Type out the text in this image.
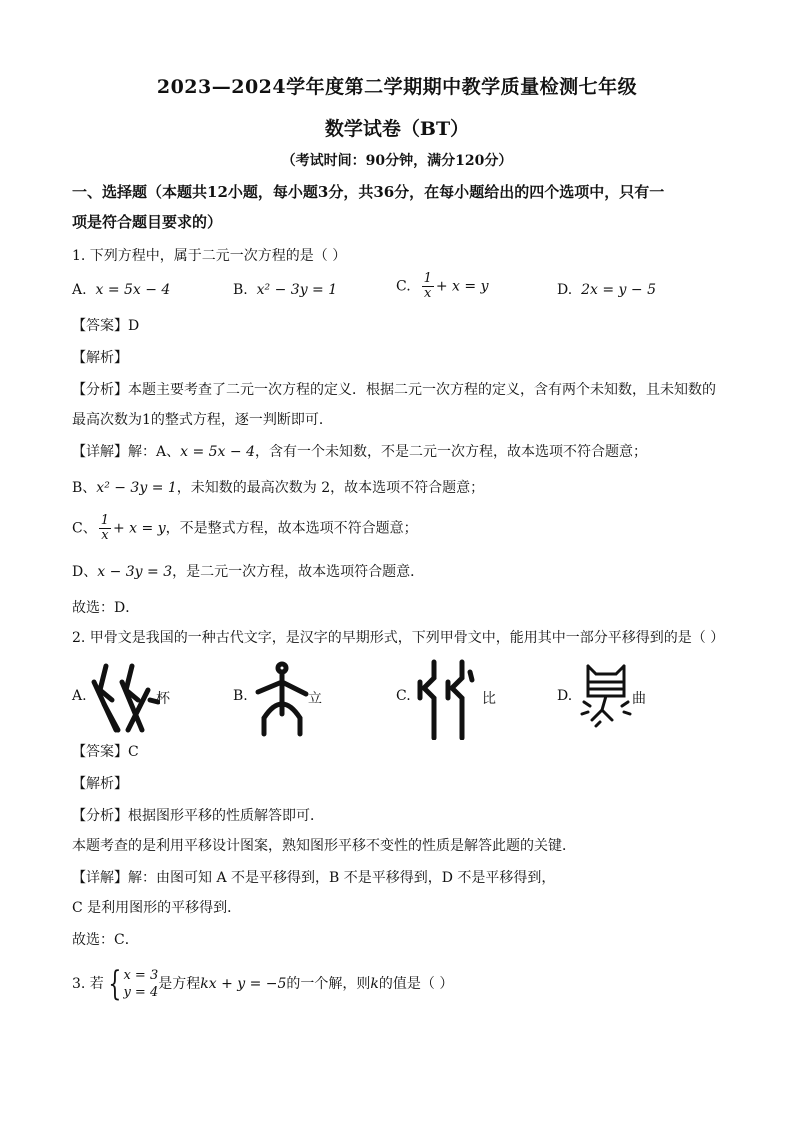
2023—2024学年度第二学期期中教学质量检测七年级
数学试卷（BT）
（考试时间：90分钟，满分120分）
一、选择题（本题共12小题，每小题3分，共36分，在每小题给出的四个选项中，只有一
项是符合题目要求的）
1. 下列方程中，属于二元一次方程的是（ ）
A. x = 5x − 4	B. x² − 3y = 1	C. $\frac{1}{x} + x = y$	D. 2x = y − 5
【答案】D
【解析】
【分析】本题主要考查了二元一次方程的定义．根据二元一次方程的定义，含有两个未知数，且未知数的
最高次数为1的整式方程，逐一判断即可．
【详解】解：A、x = 5x − 4，含有一个未知数，不是二元一次方程，故本选项不符合题意；
B、x² − 3y = 1，未知数的最高次数为 2，故本选项不符合题意；
C、 $\frac{1}{x} + x = y$，不是整式方程，故本选项不符合题意；
D、x − 3y = 3，是二元一次方程，故本选项符合题意．
故选：D．
2. 甲骨文是我国的一种古代文字，是汉字的早期形式，下列甲骨文中，能用其中一部分平移得到的是（ ）
A.	杯	B.	立	C.	比	D.	曲
【答案】C
【解析】
【分析】根据图形平移的性质解答即可．
本题考查的是利用平移设计图案，熟知图形平移不变性的性质是解答此题的关键．
【详解】解：由图可知 A 不是平移得到，B 不是平移得到，D 不是平移得到，
C 是利用图形的平移得到．
故选：C．
3. 若 { x = 3
y = 4
是方程kx + y = −5的一个解，则k的值是（ ）
